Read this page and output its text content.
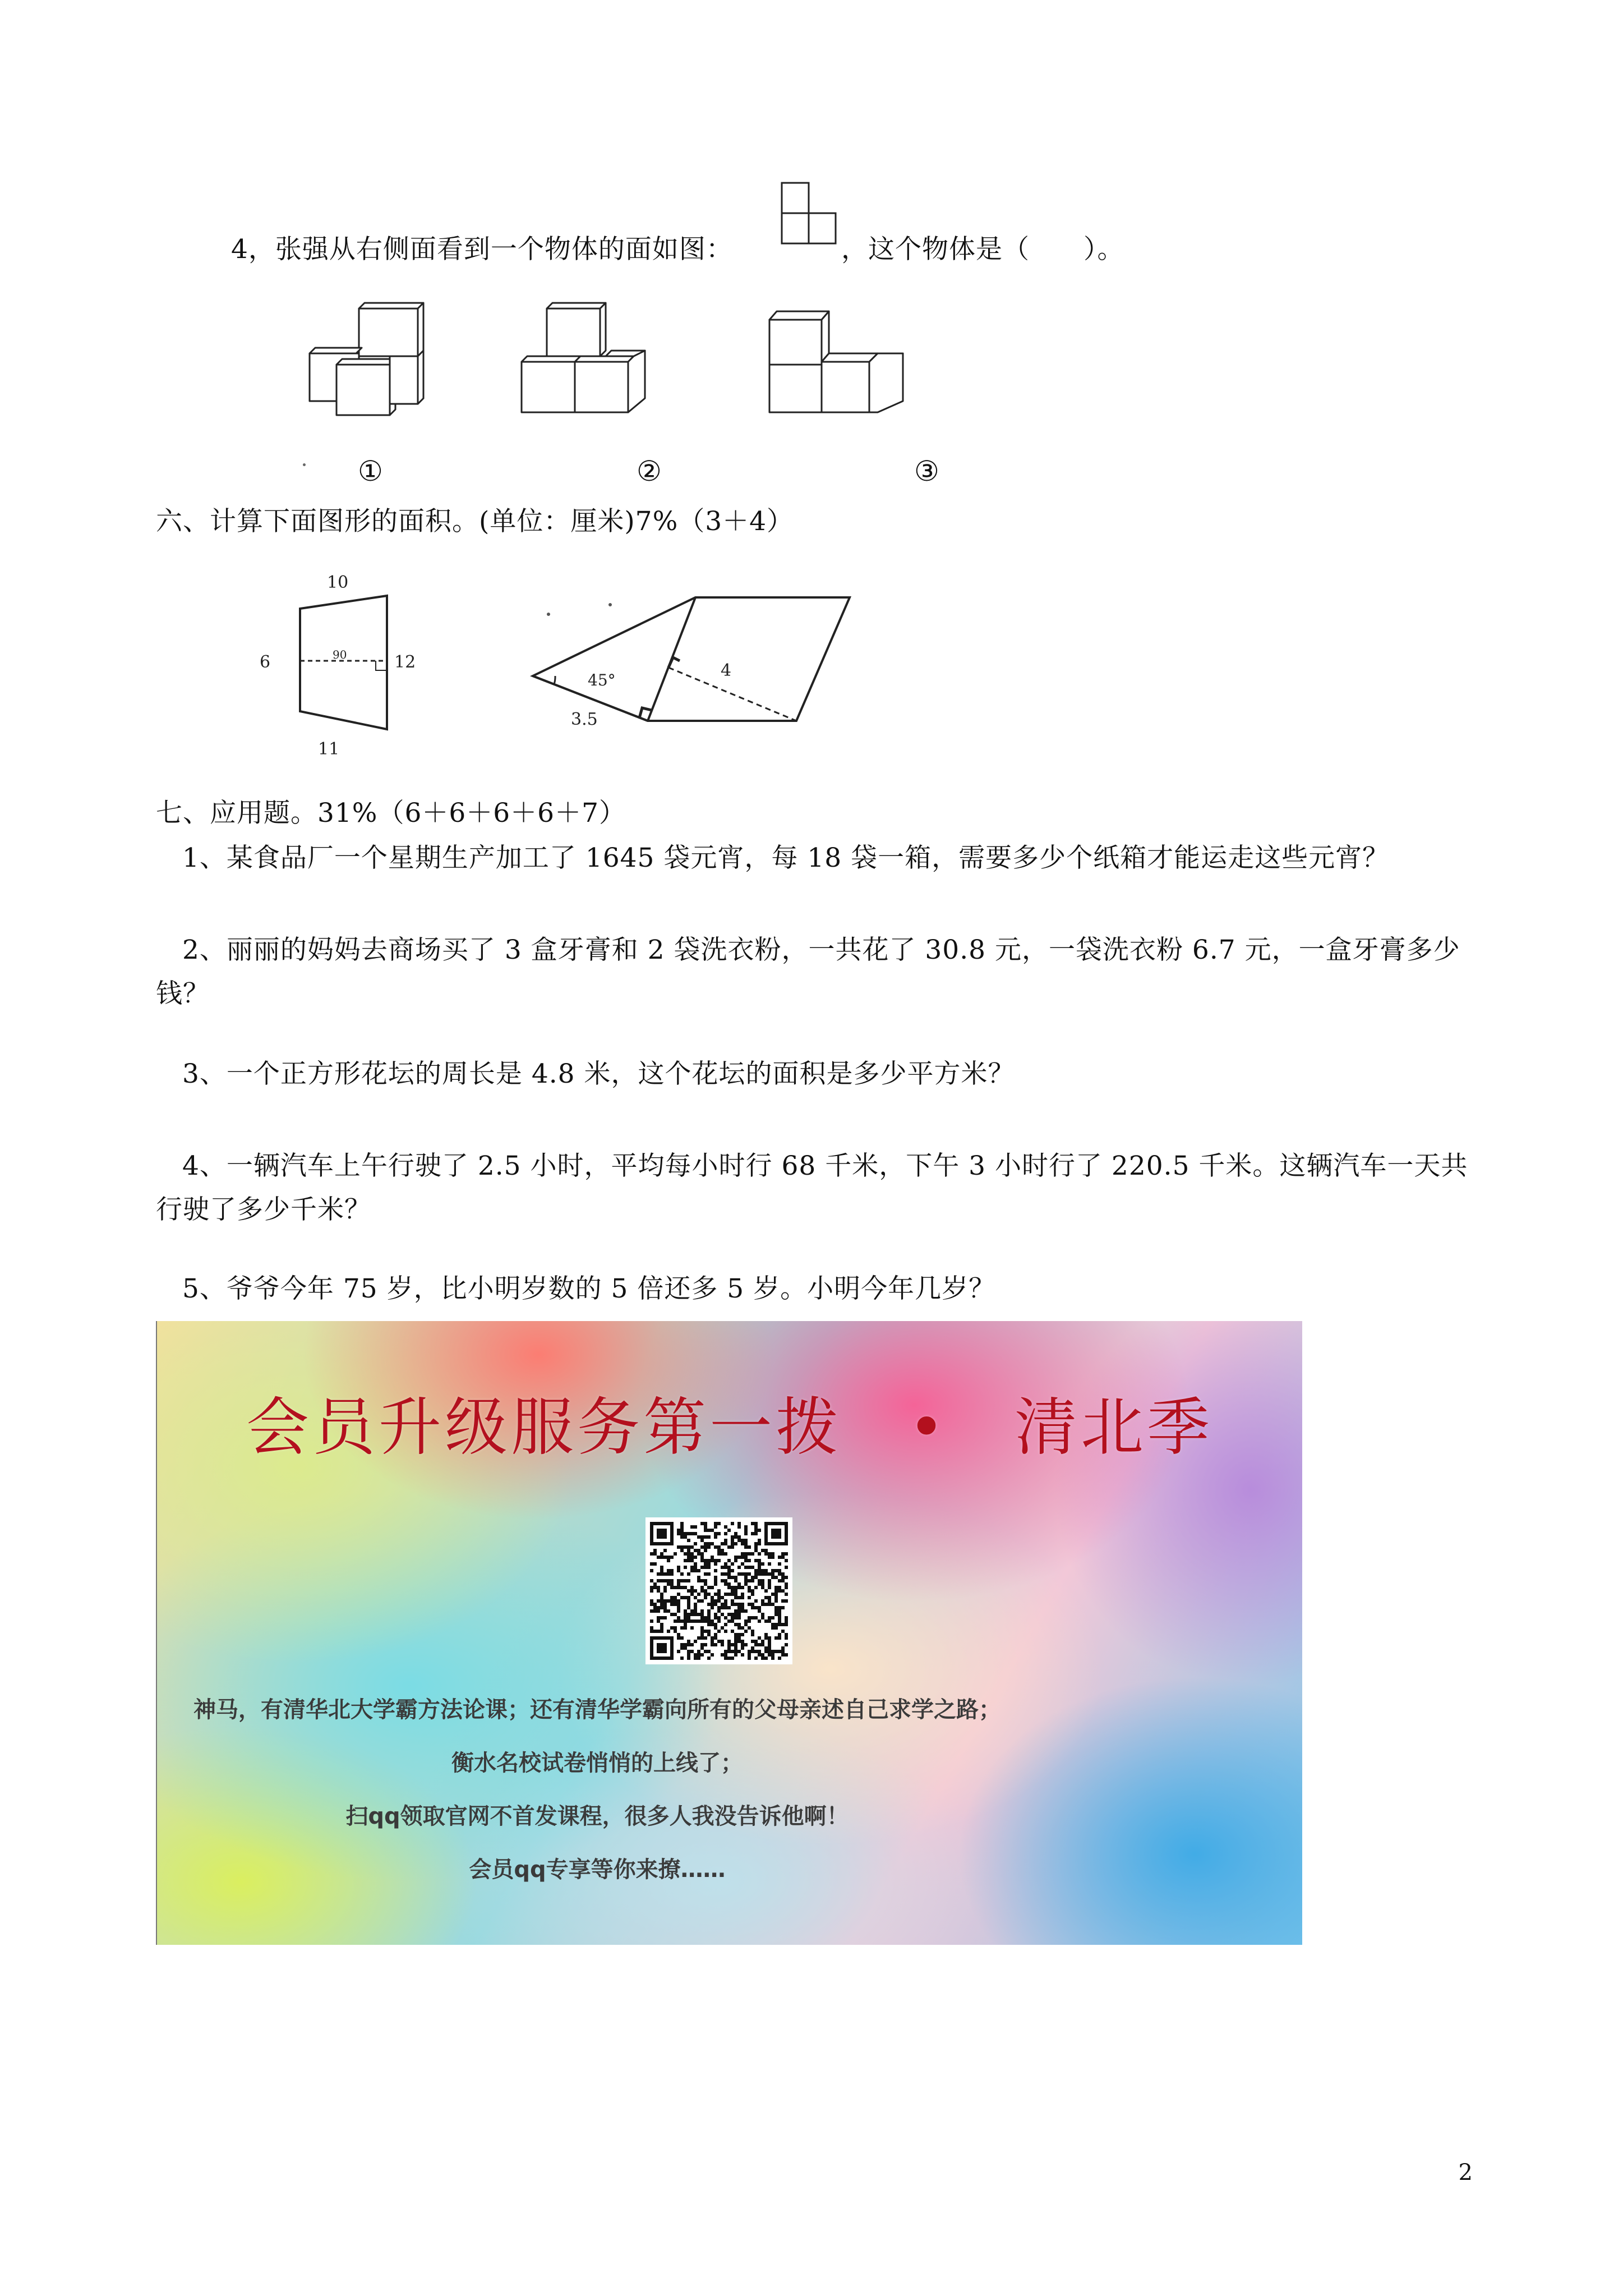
4，张强从右侧面看到一个物体的面如图：	，这个物体是（　　）。
①	②	③
六、计算下面图形的面积。(单位：厘米)7%（3＋4）
90
10
6	12
11
45°
3.5
4
七、应用题。31%（6＋6＋6＋6＋7）
1、某食品厂一个星期生产加工了 1645 袋元宵，每 18 袋一箱，需要多少个纸箱才能运走这些元宵？
2、丽丽的妈妈去商场买了 3 盒牙膏和 2 袋洗衣粉，一共花了 30.8 元，一袋洗衣粉 6.7 元，一盒牙膏多少钱？
3、一个正方形花坛的周长是 4.8 米，这个花坛的面积是多少平方米？
4、一辆汽车上午行驶了 2.5 小时，平均每小时行 68 千米，下午 3 小时行了 220.5 千米。这辆汽车一天共行驶了多少千米？
5、爷爷今年 75 岁，比小明岁数的 5 倍还多 5 岁。小明今年几岁？
会员升级服务第一拨　•　清北季
神马，有清华北大学霸方法论课；还有清华学霸向所有的父母亲述自己求学之路；
衡水名校试卷悄悄的上线了；
扫qq领取官网不首发课程，很多人我没告诉他啊！
会员qq专享等你来撩……
2
